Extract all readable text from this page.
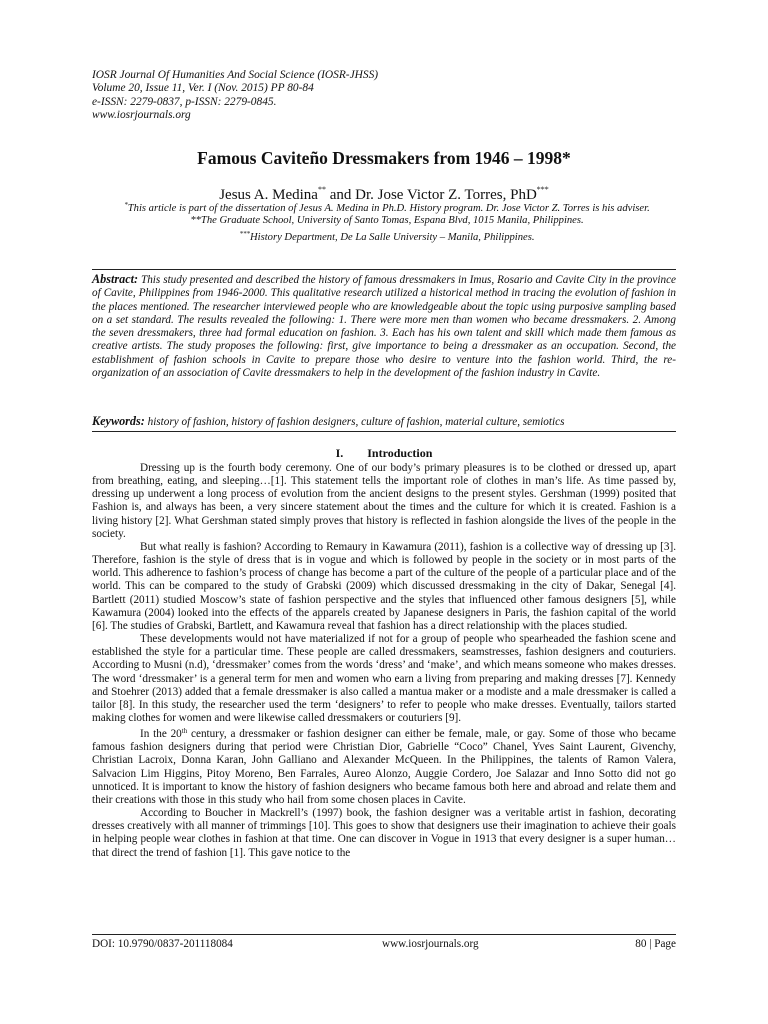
IOSR Journal Of Humanities And Social Science (IOSR-JHSS)
Volume 20, Issue 11, Ver. I (Nov. 2015) PP 80-84
e-ISSN: 2279-0837, p-ISSN: 2279-0845.
www.iosrjournals.org
Famous Caviteño Dressmakers from 1946 – 1998*
Jesus A. Medina** and Dr. Jose Victor Z. Torres, PhD***

*This article is part of the dissertation of Jesus A. Medina in Ph.D. History program. Dr. Jose Victor Z. Torres is his adviser.

**The Graduate School, University of Santo Tomas, Espana Blvd, 1015 Manila, Philippines.

***History Department, De La Salle University – Manila, Philippines.

Abstract: This study presented and described the history of famous dressmakers in Imus, Rosario and Cavite City in the province of Cavite, Philippines from 1946-2000. This qualitative research utilized a historical method in tracing the evolution of fashion in the places mentioned. The researcher interviewed people who are knowledgeable about the topic using purposive sampling based on a set standard. The results revealed the following: 1. There were more men than women who became dressmakers. 2. Among the seven dressmakers, three had formal education on fashion. 3. Each has his own talent and skill which made them famous as creative artists. The study proposes the following: first, give importance to being a dressmaker as an occupation. Second, the establishment of fashion schools in Cavite to prepare those who desire to venture into the fashion world. Third, the re-organization of an association of Cavite dressmakers to help in the development of the fashion industry in Cavite.

Keywords: history of fashion, history of fashion designers, culture of fashion, material culture, semiotics

I. Introduction

Dressing up is the fourth body ceremony. One of our body’s primary pleasures is to be clothed or dressed up, apart from breathing, eating, and sleeping…[1]. This statement tells the important role of clothes in man’s life. As time passed by, dressing up underwent a long process of evolution from the ancient designs to the present styles. Gershman (1999) posited that Fashion is, and always has been, a very sincere statement about the times and the culture for which it is created. Fashion is a living history [2]. What Gershman stated simply proves that history is reflected in fashion alongside the lives of the people in the society.

But what really is fashion? According to Remaury in Kawamura (2011), fashion is a collective way of dressing up [3]. Therefore, fashion is the style of dress that is in vogue and which is followed by people in the society or in most parts of the world. This adherence to fashion’s process of change has become a part of the culture of the people of a particular place and of the world. This can be compared to the study of Grabski (2009) which discussed dressmaking in the city of Dakar, Senegal [4]. Bartlett (2011) studied Moscow’s state of fashion perspective and the styles that influenced other famous designers [5], while Kawamura (2004) looked into the effects of the apparels created by Japanese designers in Paris, the fashion capital of the world [6]. The studies of Grabski, Bartlett, and Kawamura reveal that fashion has a direct relationship with the places studied.

These developments would not have materialized if not for a group of people who spearheaded the fashion scene and established the style for a particular time. These people are called dressmakers, seamstresses, fashion designers and couturiers. According to Musni (n.d), ‘dressmaker’ comes from the words ‘dress’ and ‘make’, and which means someone who makes dresses. The word ‘dressmaker’ is a general term for men and women who earn a living from preparing and making dresses [7]. Kennedy and Stoehrer (2013) added that a female dressmaker is also called a mantua maker or a modiste and a male dressmaker is called a tailor [8]. In this study, the researcher used the term ‘designers’ to refer to people who make dresses. Eventually, tailors started making clothes for women and were likewise called dressmakers or couturiers [9].

In the 20th century, a dressmaker or fashion designer can either be female, male, or gay. Some of those who became famous fashion designers during that period were Christian Dior, Gabrielle “Coco” Chanel, Yves Saint Laurent, Givenchy, Christian Lacroix, Donna Karan, John Galliano and Alexander McQueen. In the Philippines, the talents of Ramon Valera, Salvacion Lim Higgins, Pitoy Moreno, Ben Farrales, Aureo Alonzo, Auggie Cordero, Joe Salazar and Inno Sotto did not go unnoticed. It is important to know the history of fashion designers who became famous both here and abroad and relate them and their creations with those in this study who hail from some chosen places in Cavite.

According to Boucher in Mackrell’s (1997) book, the fashion designer was a veritable artist in fashion, decorating dresses creatively with all manner of trimmings [10]. This goes to show that designers use their imagination to achieve their goals in helping people wear clothes in fashion at that time. One can discover in Vogue in 1913 that every designer is a super human…that direct the trend of fashion [1]. This gave notice to the

DOI: 10.9790/0837-201118084	www.iosrjournals.org	80 | Page
